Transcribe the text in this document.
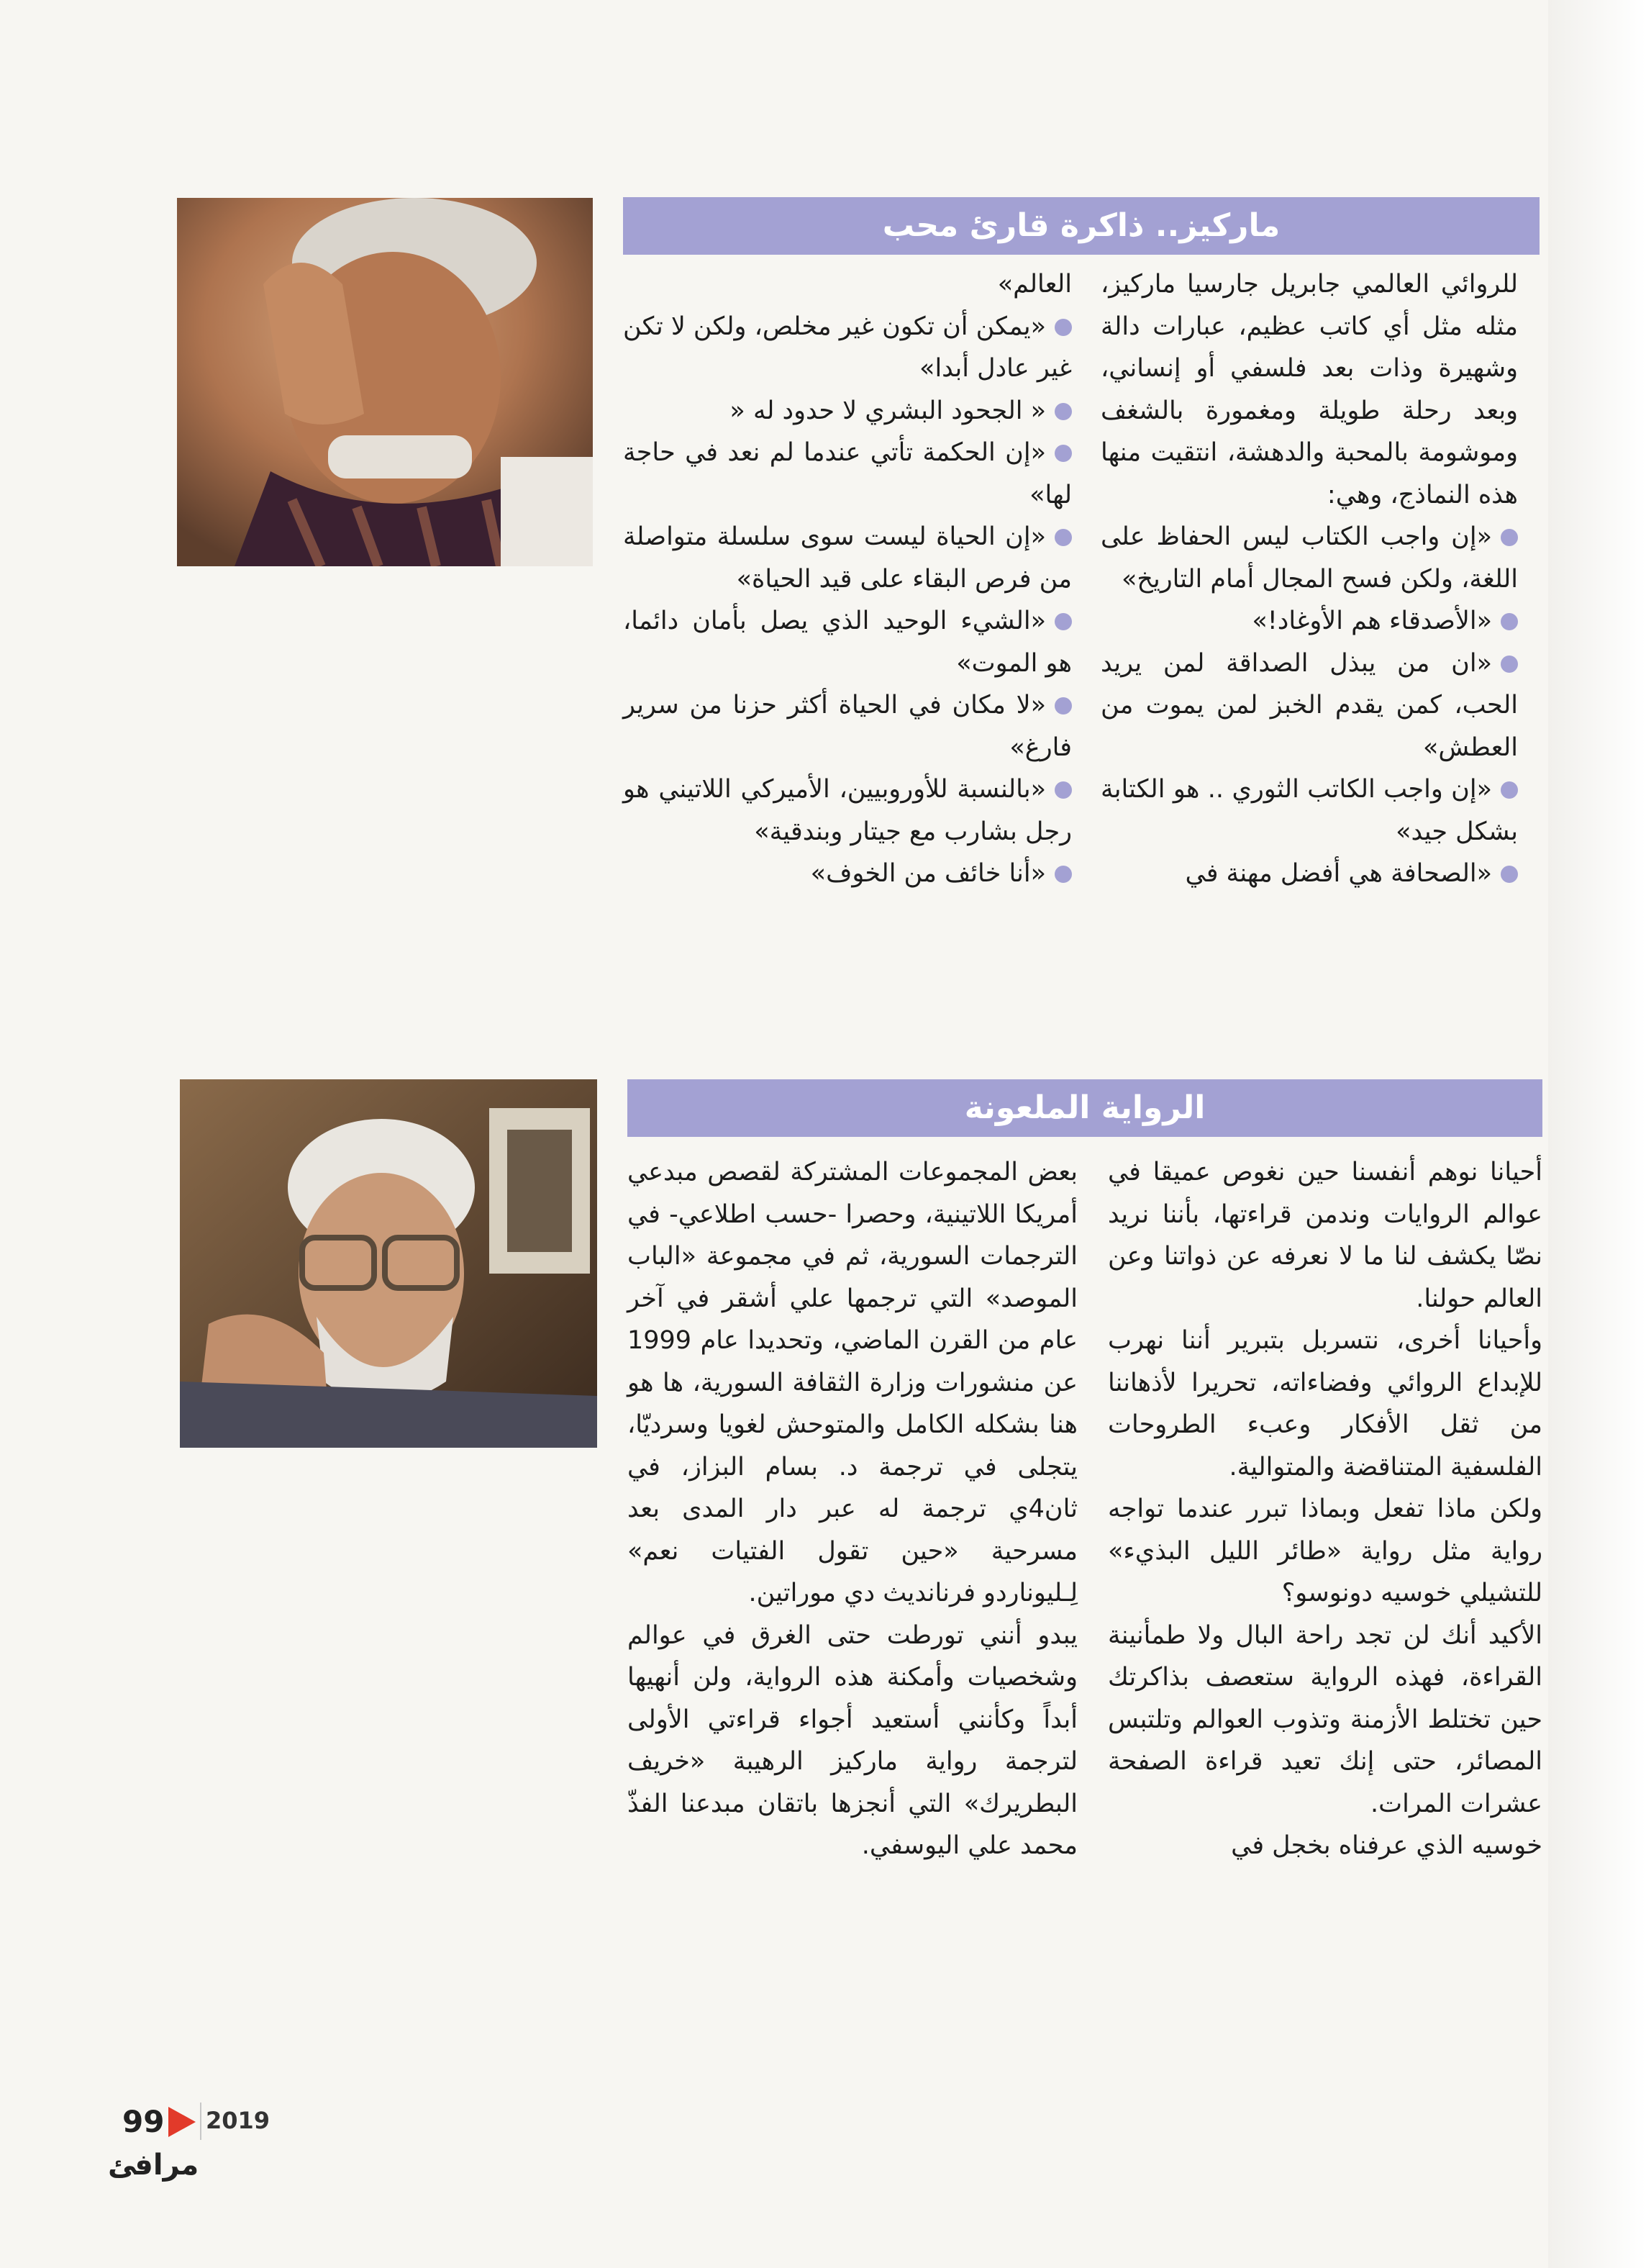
ماركيز.. ذاكرة قارئ محب

للروائي العالمي جابريل جارسيا ماركيز، مثله مثل أي كاتب عظيم، عبارات دالة وشهيرة وذات بعد فلسفي أو إنساني، وبعد رحلة طويلة ومغمورة بالشغف وموشومة بالمحبة والدهشة، انتقيت منها هذه النماذج، وهي:

«إن واجب الكتاب ليس الحفاظ على اللغة، ولكن فسح المجال أمام التاريخ»

«الأصدقاء هم الأوغاد!»

«ان من يبذل الصداقة لمن يريد الحب، كمن يقدم الخبز لمن يموت من العطش»

«إن واجب الكاتب الثوري .. هو الكتابة بشكل جيد»

«الصحافة هي أفضل مهنة في

العالم»

«يمكن أن تكون غير مخلص، ولكن لا تكن غير عادل أبدا»

« الجحود البشري لا حدود له «

«إن الحكمة تأتي عندما لم نعد في حاجة لها»

«إن الحياة ليست سوى سلسلة متواصلة من فرص البقاء على قيد الحياة»

«الشيء الوحيد الذي يصل بأمان دائما، هو الموت»

«لا مكان في الحياة أكثر حزنا من سرير فارغ»

«بالنسبة للأوروبيين، الأميركي اللاتيني هو رجل بشارب مع جيتار وبندقية»

«أنا خائف من الخوف»

الرواية الملعونة

أحيانا نوهم أنفسنا حين نغوص عميقا في عوالم الروايات وندمن قراءتها، بأننا نريد نصّا يكشف لنا ما لا نعرفه عن ذواتنا وعن العالم حولنا.

وأحيانا أخرى، نتسربل بتبرير أننا نهرب للإبداع الروائي وفضاءاته، تحريرا لأذهاننا من ثقل الأفكار وعبء الطروحات الفلسفية المتناقضة والمتوالية.

ولكن ماذا تفعل وبماذا تبرر عندما تواجه رواية مثل رواية «طائر الليل البذيء» للتشيلي خوسيه دونوسو؟

الأكيد أنك لن تجد راحة البال ولا طمأنينة القراءة، فهذه الرواية ستعصف بذاكرتك حين تختلط الأزمنة وتذوب العوالم وتلتبس المصائر، حتى إنك تعيد قراءة الصفحة عشرات المرات.

خوسيه الذي عرفناه بخجل في

بعض المجموعات المشتركة لقصص مبدعي أمريكا اللاتينية، وحصرا -حسب اطلاعي- في الترجمات السورية، ثم في مجموعة «الباب الموصد» التي ترجمها علي أشقر في آخر عام من القرن الماضي، وتحديدا عام 1999 عن منشورات وزارة الثقافة السورية، ها هو هنا بشكله الكامل والمتوحش لغويا وسرديّا، يتجلى في ترجمة د. بسام البزاز، في ثان4ي ترجمة له عبر دار المدى بعد مسرحية «حين تقول الفتيات نعم» لِـليوناردو فرنانديث دي موراتين.

يبدو أنني تورطت حتى الغرق في عوالم وشخصيات وأمكنة هذه الرواية، ولن أنهيها أبداً وكأنني أستعيد أجواء قراءتي الأولى لترجمة رواية ماركيز الرهيبة «خريف البطريرك» التي أنجزها باتقان مبدعنا الفذّ محمد علي اليوسفي.

2019
99
مرافئ
